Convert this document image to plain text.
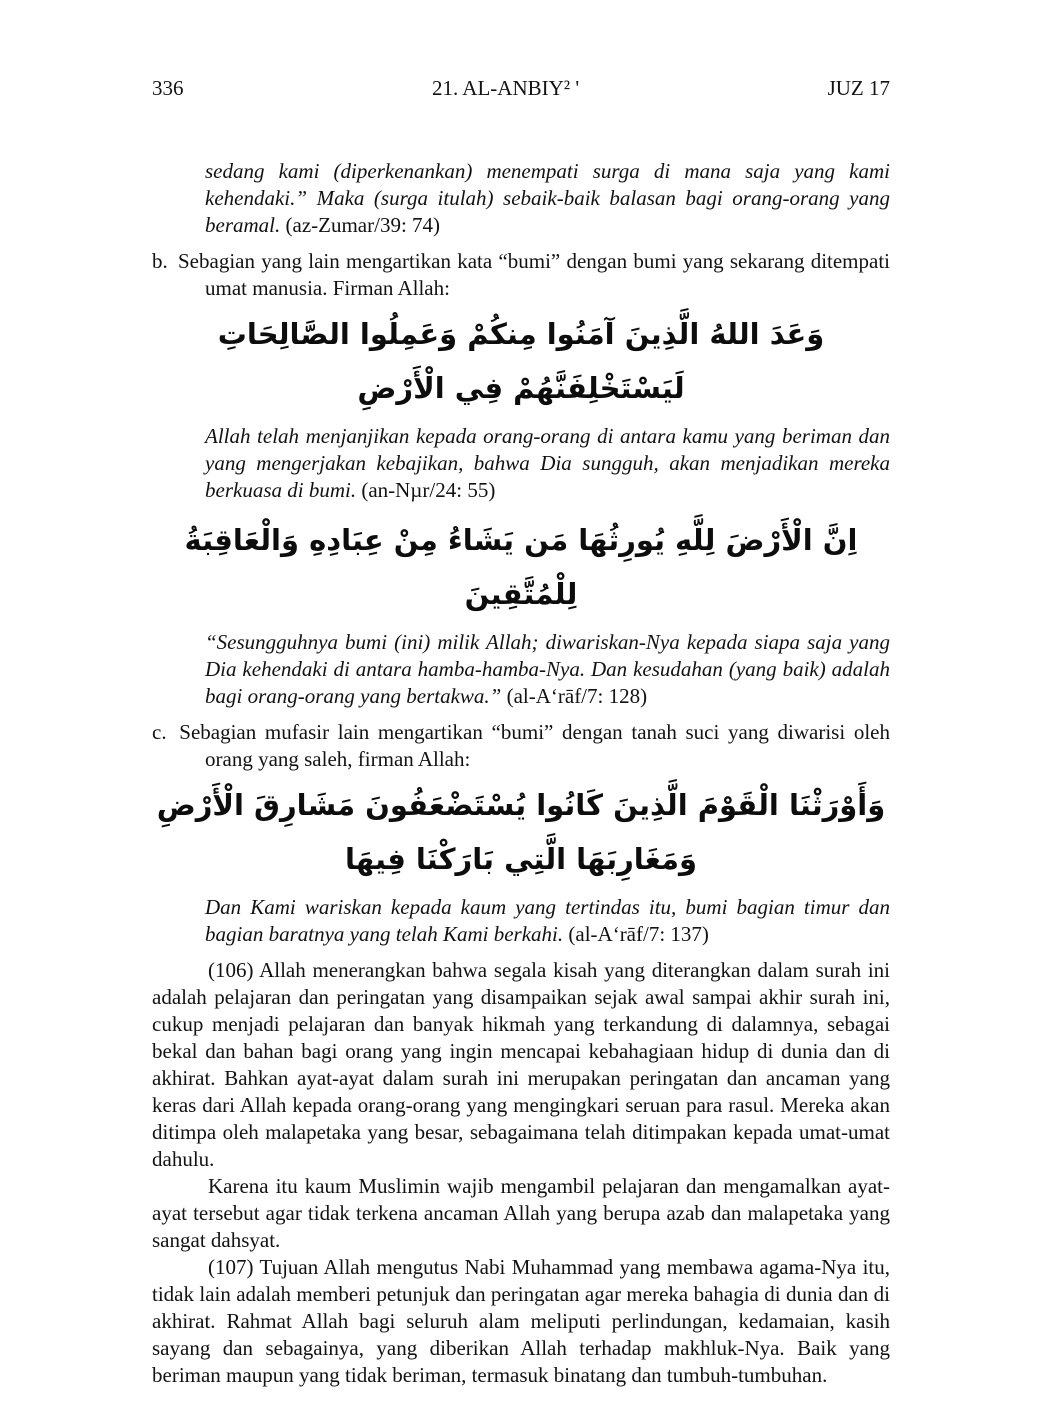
336	21. AL-ANBIY² '	JUZ 17
sedang kami (diperkenankan) menempati surga di mana saja yang kami kehendaki.” Maka (surga itulah) sebaik-baik balasan bagi orang-orang yang beramal. (az-Zumar/39: 74)
b. Sebagian yang lain mengartikan kata “bumi” dengan bumi yang sekarang ditempati umat manusia. Firman Allah:
وَعَدَ اللهُ الَّذِينَ آمَنُوا مِنكُمْ وَعَمِلُوا الصَّالِحَاتِ لَيَسْتَخْلِفَنَّهُمْ فِي الْأَرْضِ
Allah telah menjanjikan kepada orang-orang di antara kamu yang beriman dan yang mengerjakan kebajikan, bahwa Dia sungguh, akan menjadikan mereka berkuasa di bumi. (an-Nµr/24: 55)
اِنَّ الْأَرْضَ لِلَّهِ يُورِثُهَا مَن يَشَاءُ مِنْ عِبَادِهِ وَالْعَاقِبَةُ لِلْمُتَّقِينَ
“Sesungguhnya bumi (ini) milik Allah; diwariskan-Nya kepada siapa saja yang Dia kehendaki di antara hamba-hamba-Nya. Dan kesudahan (yang baik) adalah bagi orang-orang yang bertakwa.” (al-A‘rāf/7: 128)
c. Sebagian mufasir lain mengartikan “bumi” dengan tanah suci yang diwarisi oleh orang yang saleh, firman Allah:
وَأَوْرَثْنَا الْقَوْمَ الَّذِينَ كَانُوا يُسْتَضْعَفُونَ مَشَارِقَ الْأَرْضِ وَمَغَارِبَهَا الَّتِي بَارَكْنَا فِيهَا
Dan Kami wariskan kepada kaum yang tertindas itu, bumi bagian timur dan bagian baratnya yang telah Kami berkahi. (al-A‘rāf/7: 137)

(106) Allah menerangkan bahwa segala kisah yang diterangkan dalam surah ini adalah pelajaran dan peringatan yang disampaikan sejak awal sampai akhir surah ini, cukup menjadi pelajaran dan banyak hikmah yang terkandung di dalamnya, sebagai bekal dan bahan bagi orang yang ingin mencapai kebahagiaan hidup di dunia dan di akhirat. Bahkan ayat-ayat dalam surah ini merupakan peringatan dan ancaman yang keras dari Allah kepada orang-orang yang mengingkari seruan para rasul. Mereka akan ditimpa oleh malapetaka yang besar, sebagaimana telah ditimpakan kepada umat-umat dahulu.

Karena itu kaum Muslimin wajib mengambil pelajaran dan mengamalkan ayat-ayat tersebut agar tidak terkena ancaman Allah yang berupa azab dan malapetaka yang sangat dahsyat.

(107) Tujuan Allah mengutus Nabi Muhammad yang membawa agama-Nya itu, tidak lain adalah memberi petunjuk dan peringatan agar mereka bahagia di dunia dan di akhirat. Rahmat Allah bagi seluruh alam meliputi perlindungan, kedamaian, kasih sayang dan sebagainya, yang diberikan Allah terhadap makhluk-Nya. Baik yang beriman maupun yang tidak beriman, termasuk binatang dan tumbuh-tumbuhan.
